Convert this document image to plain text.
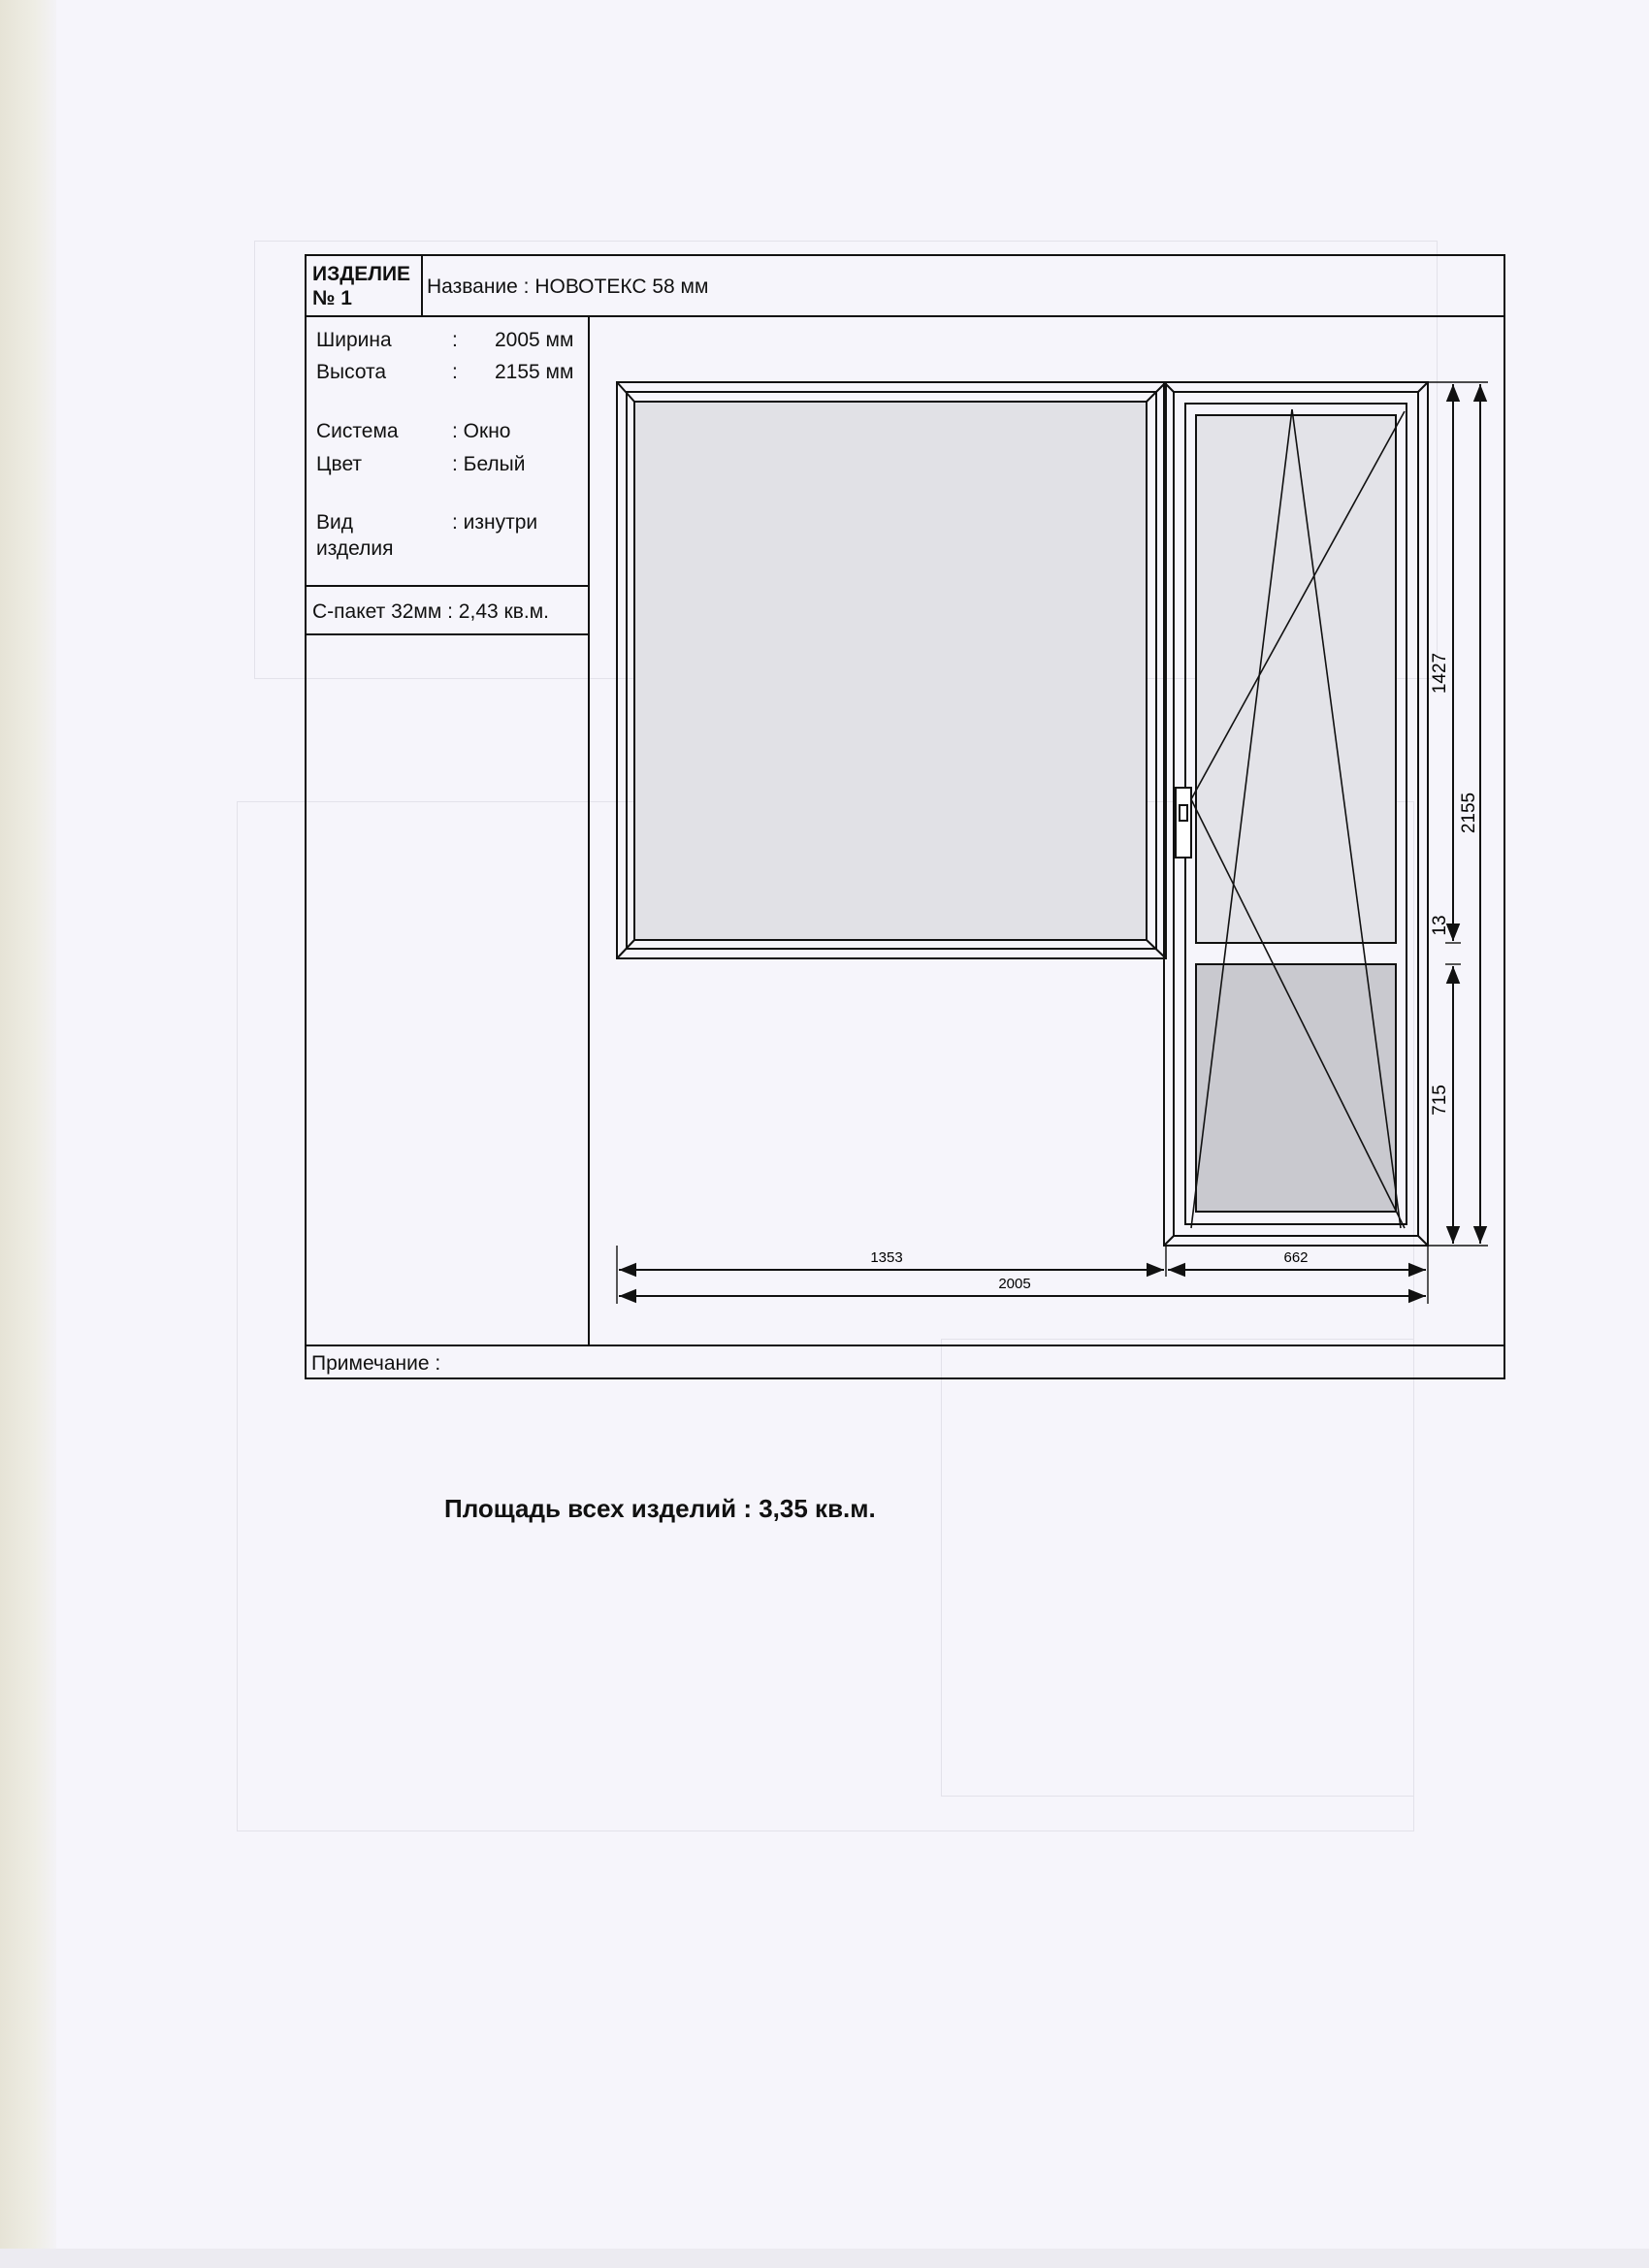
ИЗДЕЛИЕ
№ 1
Название : НОВОТЕКС 58 мм
Ширина	: 2005 мм
Высота	: 2155 мм
Система	: Окно
Цвет	: Белый
Вид
изделия
: изнутри
С-пакет 32мм : 2,43 кв.м.
Примечание :
1427
2155
13
715
1353	662
2005
Площадь всех изделий : 3,35 кв.м.
